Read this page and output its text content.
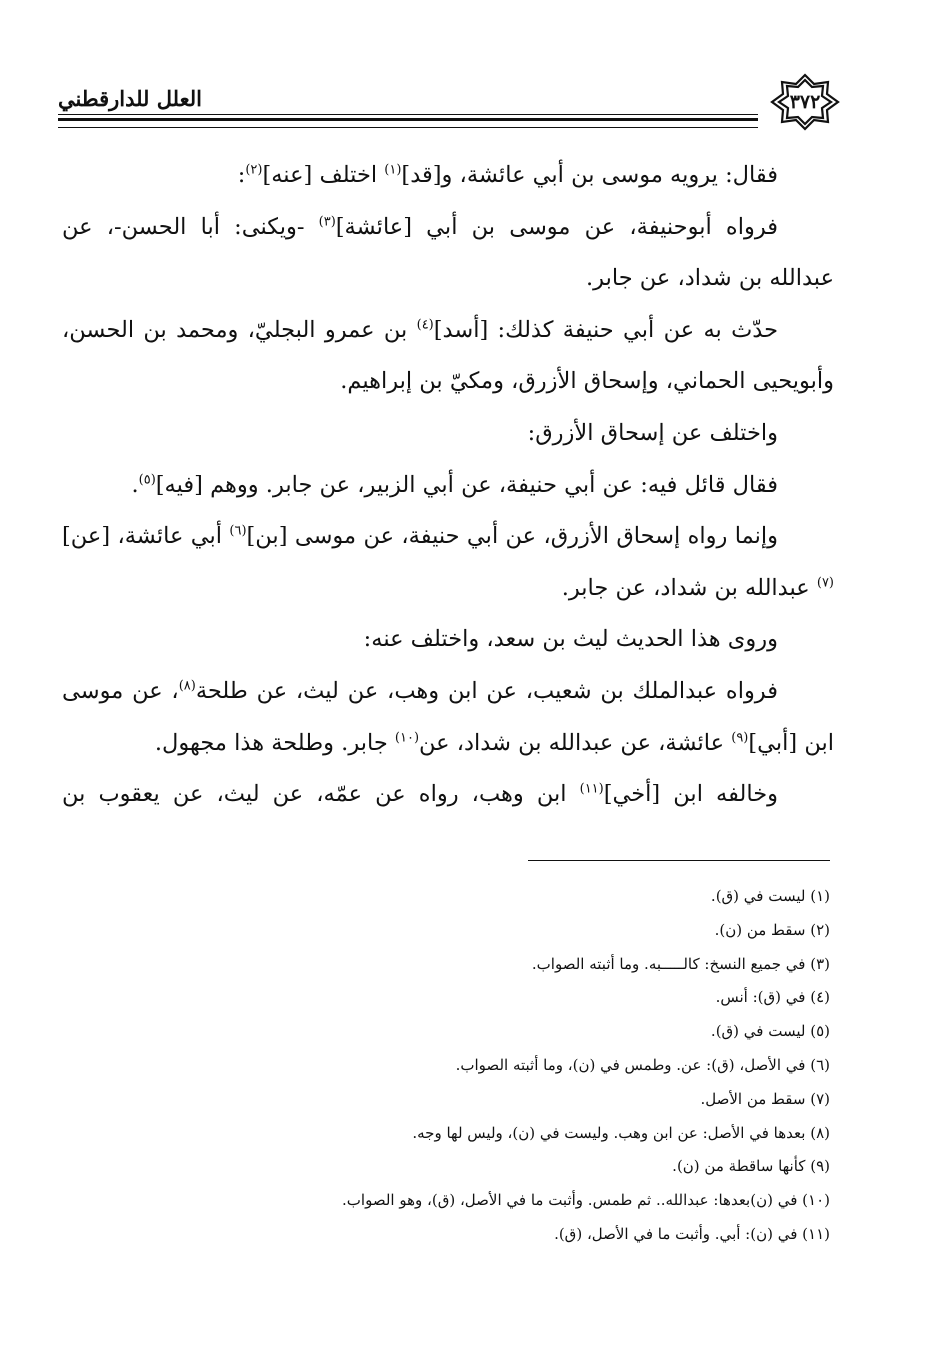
العلل للدارقطني	٣٧٢

فقال: يرويه موسى بن أبي عائشة، و[قد]$^{(١)}$ اختلف [عنه]$^{(٢)}$:

فرواه أبوحنيفة، عن موسى بن أبي [عائشة]$^{(٣)}$ -ويكنى: أبا الحسن-، عن عبدالله بن شداد، عن جابر.

حدّث به عن أبي حنيفة كذلك: [أسد]$^{(٤)}$ بن عمرو البجليّ، ومحمد بن الحسن، وأبويحيى الحماني، وإسحاق الأزرق، ومكيّ بن إبراهيم.

واختلف عن إسحاق الأزرق:

فقال قائل فيه: عن أبي حنيفة، عن أبي الزبير، عن جابر. ووهم [فيه]$^{(٥)}$.

وإنما رواه إسحاق الأزرق، عن أبي حنيفة، عن موسى [بن]$^{(٦)}$ أبي عائشة، [عن]$^{(٧)}$ عبدالله بن شداد، عن جابر.

وروى هذا الحديث ليث بن سعد، واختلف عنه:

فرواه عبدالملك بن شعيب، عن ابن وهب، عن ليث، عن طلحة$^{(٨)}$، عن موسى ابن [أبي]$^{(٩)}$ عائشة، عن عبدالله بن شداد، عن$^{(١٠)}$ جابر. وطلحة هذا مجهول.

وخالفه ابن [أخي]$^{(١١)}$ ابن وهب، رواه عن عمّه، عن ليث، عن يعقوب بن

(١) ليست في (ق).
(٢) سقط من (ن).
(٣) في جميع النسخ: كالـــــبه. وما أثبته الصواب.
(٤) في (ق): أنس.
(٥) ليست في (ق).
(٦) في الأصل، (ق): عن. وطمس في (ن)، وما أثبته الصواب.
(٧) سقط من الأصل.
(٨) بعدها في الأصل: عن ابن وهب. وليست في (ن)، وليس لها وجه.
(٩) كأنها ساقطة من (ن).
(١٠) في (ن)بعدها: عبدالله.. ثم طمس. وأثبت ما في الأصل، (ق)، وهو الصواب.
(١١) في (ن): أبي. وأثبت ما في الأصل، (ق).
